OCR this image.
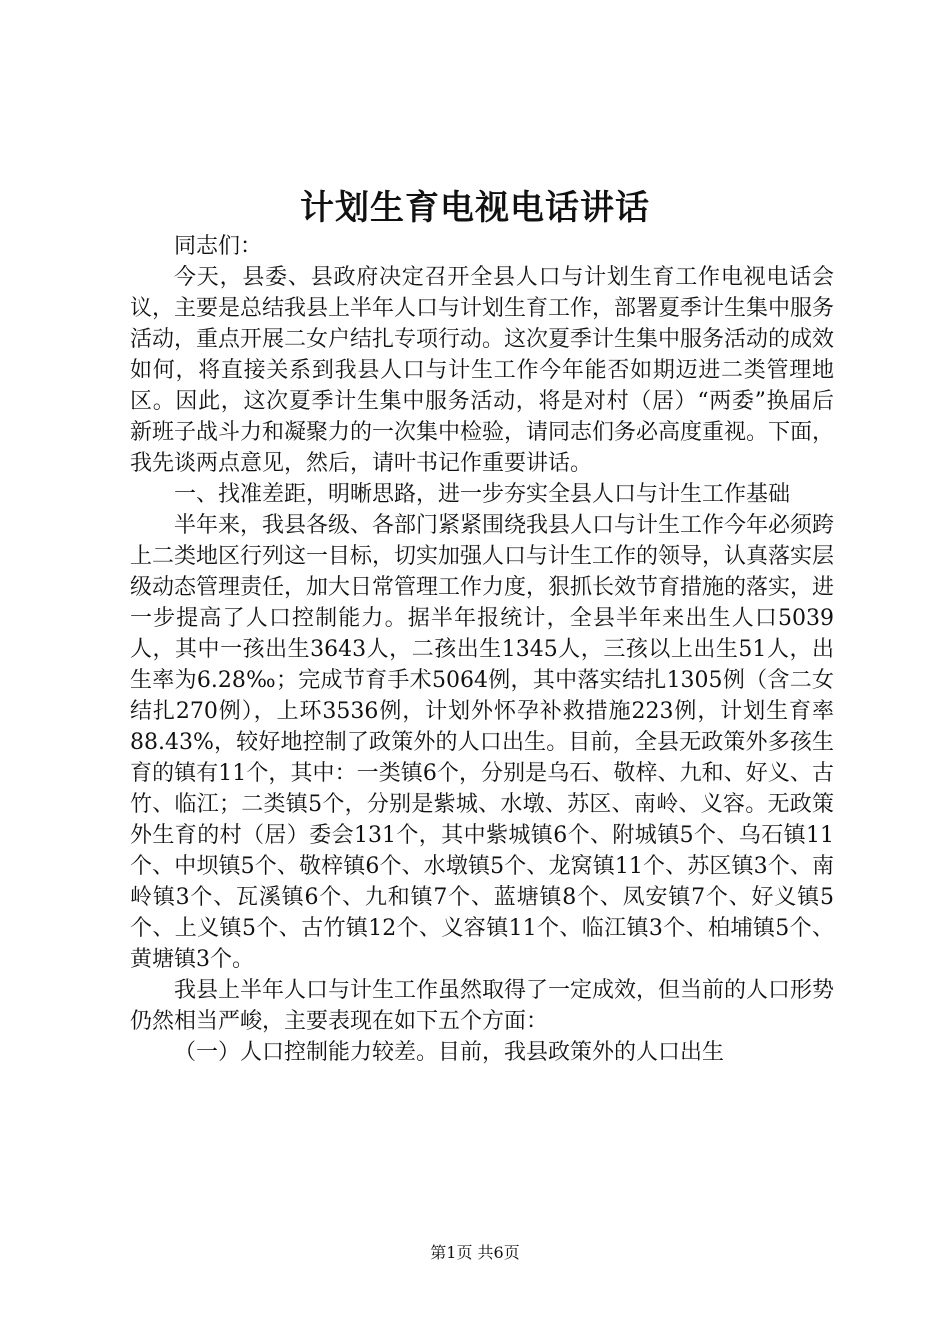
计划生育电视电话讲话

同志们：

今天，县委、县政府决定召开全县人口与计划生育工作电视电话会议，主要是总结我县上半年人口与计划生育工作，部署夏季计生集中服务活动，重点开展二女户结扎专项行动。这次夏季计生集中服务活动的成效如何，将直接关系到我县人口与计生工作今年能否如期迈进二类管理地区。因此，这次夏季计生集中服务活动，将是对村（居）“两委”换届后新班子战斗力和凝聚力的一次集中检验，请同志们务必高度重视。下面，我先谈两点意见，然后，请叶书记作重要讲话。

一、找准差距，明晰思路，进一步夯实全县人口与计生工作基础

半年来，我县各级、各部门紧紧围绕我县人口与计生工作今年必须跨上二类地区行列这一目标，切实加强人口与计生工作的领导，认真落实层级动态管理责任，加大日常管理工作力度，狠抓长效节育措施的落实，进一步提高了人口控制能力。据半年报统计，全县半年来出生人口5039人，其中一孩出生3643人，二孩出生1345人，三孩以上出生51人，出生率为6.28‰；完成节育手术5064例，其中落实结扎1305例（含二女结扎270例），上环3536例，计划外怀孕补救措施223例，计划生育率88.43%，较好地控制了政策外的人口出生。目前，全县无政策外多孩生育的镇有11个，其中：一类镇6个，分别是乌石、敬梓、九和、好义、古竹、临江；二类镇5个，分别是紫城、水墩、苏区、南岭、义容。无政策外生育的村（居）委会131个，其中紫城镇6个、附城镇5个、乌石镇11个、中坝镇5个、敬梓镇6个、水墩镇5个、龙窝镇11个、苏区镇3个、南岭镇3个、瓦溪镇6个、九和镇7个、蓝塘镇8个、凤安镇7个、好义镇5个、上义镇5个、古竹镇12个、义容镇11个、临江镇3个、柏埔镇5个、黄塘镇3个。

我县上半年人口与计生工作虽然取得了一定成效，但当前的人口形势仍然相当严峻，主要表现在如下五个方面：

（一）人口控制能力较差。目前，我县政策外的人口出生

第1页 共6页
